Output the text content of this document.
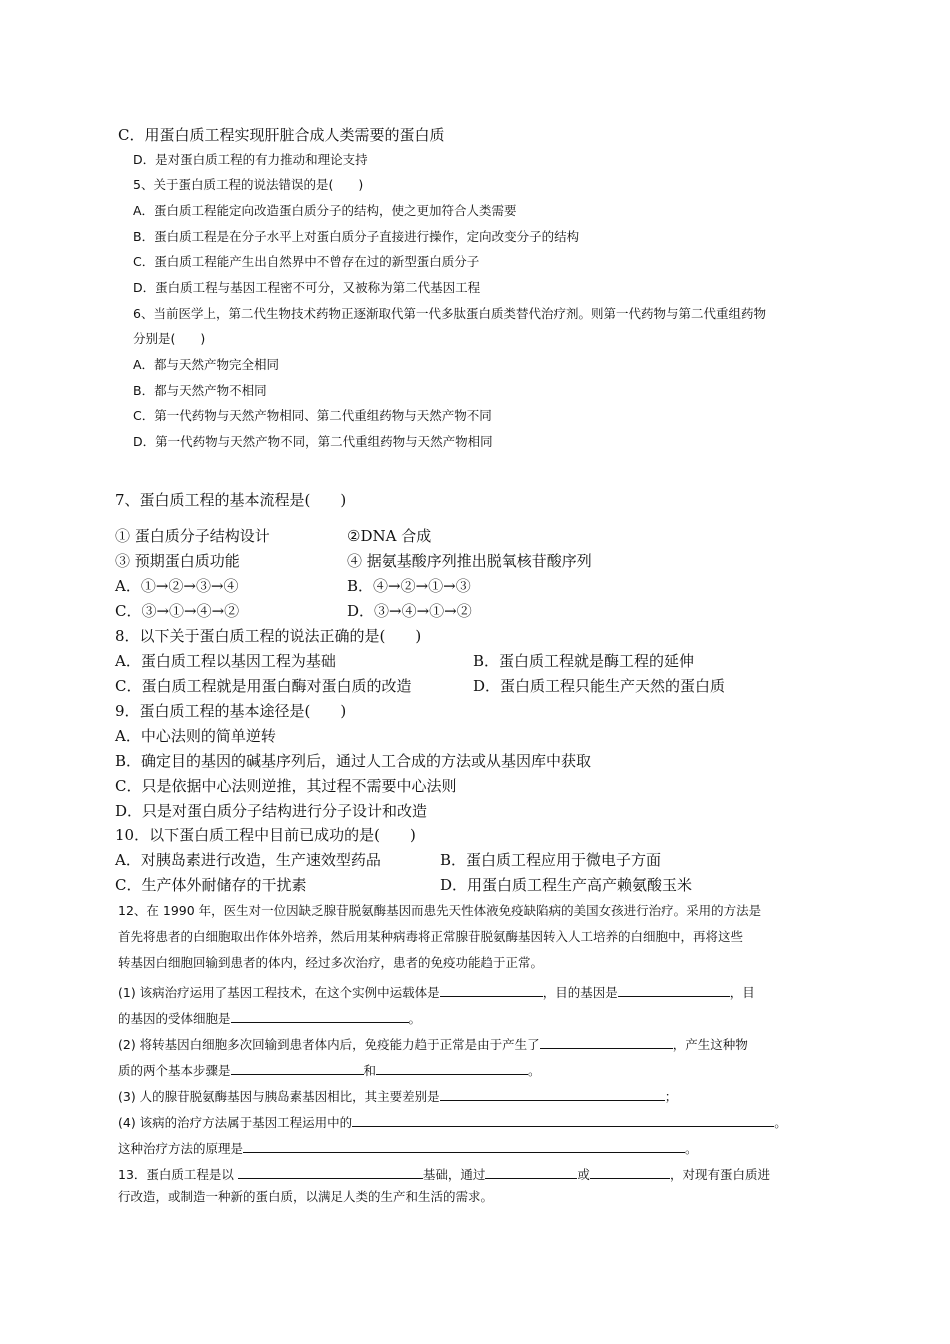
C．用蛋白质工程实现肝脏合成人类需要的蛋白质
D．是对蛋白质工程的有力推动和理论支持
5、关于蛋白质工程的说法错误的是(　　)
A．蛋白质工程能定向改造蛋白质分子的结构，使之更加符合人类需要
B．蛋白质工程是在分子水平上对蛋白质分子直接进行操作，定向改变分子的结构
C．蛋白质工程能产生出自然界中不曾存在过的新型蛋白质分子
D．蛋白质工程与基因工程密不可分，又被称为第二代基因工程
6、当前医学上，第二代生物技术药物正逐渐取代第一代多肽蛋白质类替代治疗剂。则第一代药物与第二代重组药物
分别是(　　)
A．都与天然产物完全相同
B．都与天然产物不相同
C．第一代药物与天然产物相同、第二代重组药物与天然产物不同
D．第一代药物与天然产物不同，第二代重组药物与天然产物相同
7、蛋白质工程的基本流程是(　　)
① 蛋白质分子结构设计	②DNA 合成
③ 预期蛋白质功能	④ 据氨基酸序列推出脱氧核苷酸序列
A．①→②→③→④	B．④→②→①→③
C．③→①→④→②	D．③→④→①→②
8．以下关于蛋白质工程的说法正确的是(　　)
A．蛋白质工程以基因工程为基础	B．蛋白质工程就是酶工程的延伸
C．蛋白质工程就是用蛋白酶对蛋白质的改造	D．蛋白质工程只能生产天然的蛋白质
9．蛋白质工程的基本途径是(　　)
A．中心法则的简单逆转
B．确定目的基因的碱基序列后，通过人工合成的方法或从基因库中获取
C．只是依据中心法则逆推，其过程不需要中心法则
D．只是对蛋白质分子结构进行分子设计和改造
10．以下蛋白质工程中目前已成功的是(　　)
A．对胰岛素进行改造，生产速效型药品	B．蛋白质工程应用于微电子方面
C．生产体外耐储存的干扰素	D．用蛋白质工程生产高产赖氨酸玉米
12、在 1990 年，医生对一位因缺乏腺苷脱氨酶基因而患先天性体液免疫缺陷病的美国女孩进行治疗。采用的方法是
首先将患者的白细胞取出作体外培养，然后用某种病毒将正常腺苷脱氨酶基因转入人工培养的白细胞中，再将这些
转基因白细胞回输到患者的体内，经过多次治疗，患者的免疫功能趋于正常。
(1) 该病治疗运用了基因工程技术，在这个实例中运载体是	，目的基因是	，目
的基因的受体细胞是	。
(2) 将转基因白细胞多次回输到患者体内后，免疫能力趋于正常是由于产生了	，产生这种物
质的两个基本步骤是	和	。
(3) 人的腺苷脱氨酶基因与胰岛素基因相比，其主要差别是	；
(4) 该病的治疗方法属于基因工程运用中的	。
这种治疗方法的原理是	。
13．蛋白质工程是以	基础，通过	或	，对现有蛋白质进
行改造，或制造一种新的蛋白质，以满足人类的生产和生活的需求。
